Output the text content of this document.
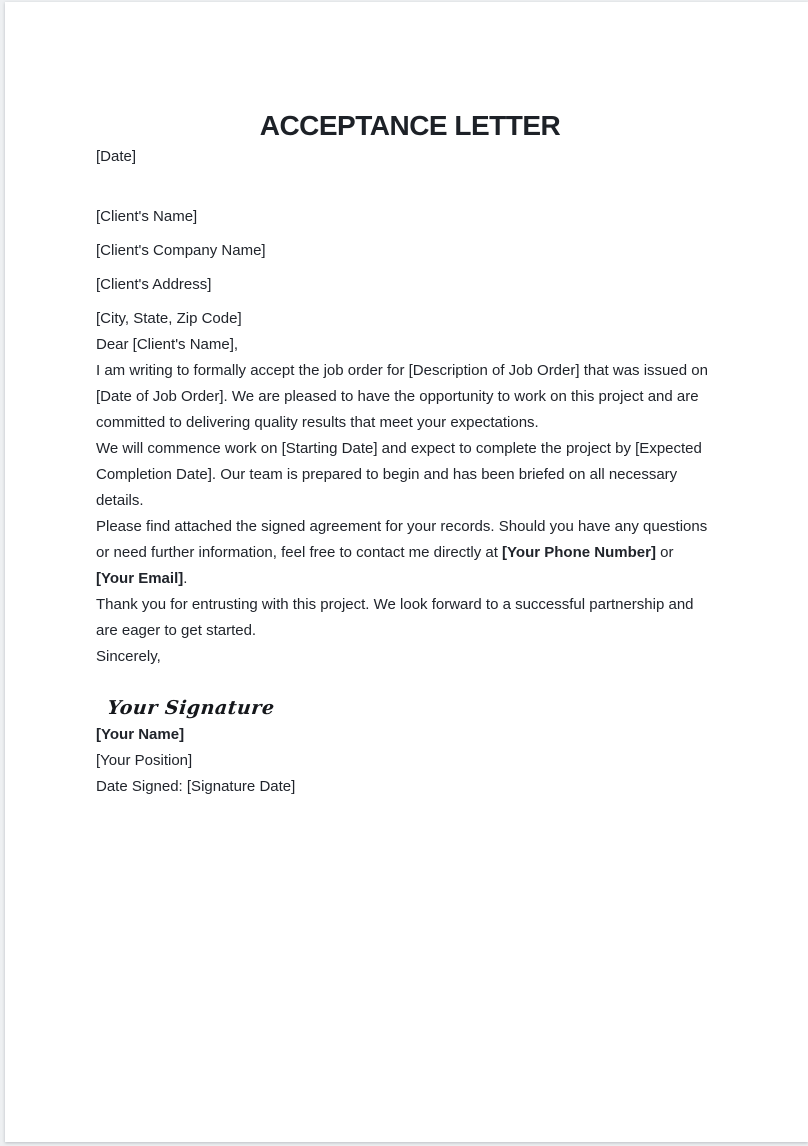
ACCEPTANCE LETTER

[Date]

[Client's Name]

[Client's Company Name]

[Client's Address]

[City, State, Zip Code]

Dear [Client's Name],

I am writing to formally accept the job order for [Description of Job Order] that was issued on [Date of Job Order]. We are pleased to have the opportunity to work on this project and are committed to delivering quality results that meet your expectations.

We will commence work on [Starting Date] and expect to complete the project by [Expected Completion Date]. Our team is prepared to begin and has been briefed on all necessary details.

Please find attached the signed agreement for your records. Should you have any questions or need further information, feel free to contact me directly at [Your Phone Number] or [Your Email].

Thank you for entrusting with this project. We look forward to a successful partnership and are eager to get started.

Sincerely,

Your Signature

[Your Name]

[Your Position]

Date Signed: [Signature Date]
